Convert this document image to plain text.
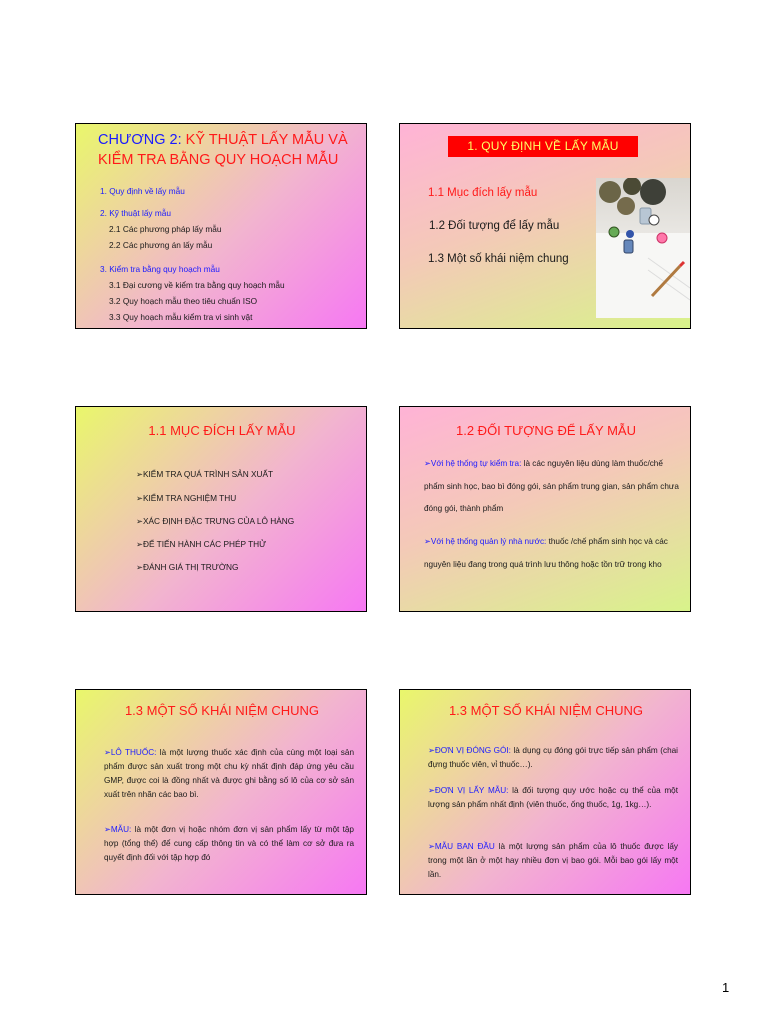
CHƯƠNG 2: KỸ THUẬT LẤY MẪU VÀ
KIỂM TRA BẰNG QUY HOẠCH MẪU
1. Quy định về lấy mẫu
2. Kỹ thuật lấy mẫu
2.1 Các phương pháp lấy mẫu
2.2 Các phương án lấy mẫu
3. Kiểm tra bằng quy hoạch mẫu
3.1 Đại cương về kiểm tra bằng quy hoạch mẫu
3.2 Quy hoạch mẫu theo tiêu chuẩn ISO
3.3 Quy hoạch mẫu kiểm tra vi sinh vật
1. QUY ĐỊNH VỀ LẤY MẪU
1.1 Mục đích lấy mẫu
1.2 Đối tượng để lấy mẫu
1.3 Một số khái niệm chung
1.1 MỤC ĐÍCH LẤY MẪU
➢KIỂM TRA QUÁ TRÌNH SẢN XUẤT
➢KIỂM TRA NGHIỆM THU
➢XÁC ĐỊNH ĐẶC TRƯNG CỦA LÔ HÀNG
➢ĐỂ TIẾN HÀNH CÁC PHÉP THỬ
➢ĐÁNH GIÁ THỊ TRƯỜNG
1.2 ĐỐI TƯỢNG ĐỂ LẤY MẪU
➢Với hệ thống tự kiểm tra: là các nguyên liệu dùng làm thuốc/chế phẩm sinh học, bao bì đóng gói, sản phẩm trung gian, sản phẩm chưa đóng gói, thành phẩm
➢Với hệ thống quản lý nhà nước: thuốc /chế phẩm sinh học và các nguyên liệu đang trong quá trình lưu thông hoặc tồn trữ trong kho
1.3 MỘT SỐ KHÁI NIỆM CHUNG
➢LÔ THUỐC: là một lượng thuốc xác định của cùng một loại sản phẩm được sản xuất trong một chu kỳ nhất định đáp ứng yêu cầu GMP, được coi là đồng nhất và được ghi bằng số lô của cơ sở sản xuất trên nhãn các bao bì.
➢MẪU: là một đơn vị hoặc nhóm đơn vị sản phẩm lấy từ một tập hợp (tổng thể) để cung cấp thông tin và có thể làm cơ sở đưa ra quyết định đối với tập hợp đó
1.3 MỘT SỐ KHÁI NIỆM CHUNG
➢ĐƠN VỊ ĐÓNG GÓI: là dụng cụ đóng gói trực tiếp sản phẩm (chai đựng thuốc viên, vỉ thuốc…).
➢ĐƠN VỊ LẤY MẪU: là đối tượng quy ước hoặc cụ thể của một lượng sản phẩm nhất định (viên thuốc, ống thuốc, 1g, 1kg…).
➢MẪU BAN ĐẦU là một lượng sản phẩm của lô thuốc được lấy trong một lần ở một hay nhiều đơn vị bao gói. Mỗi bao gói lấy một lần.
1
